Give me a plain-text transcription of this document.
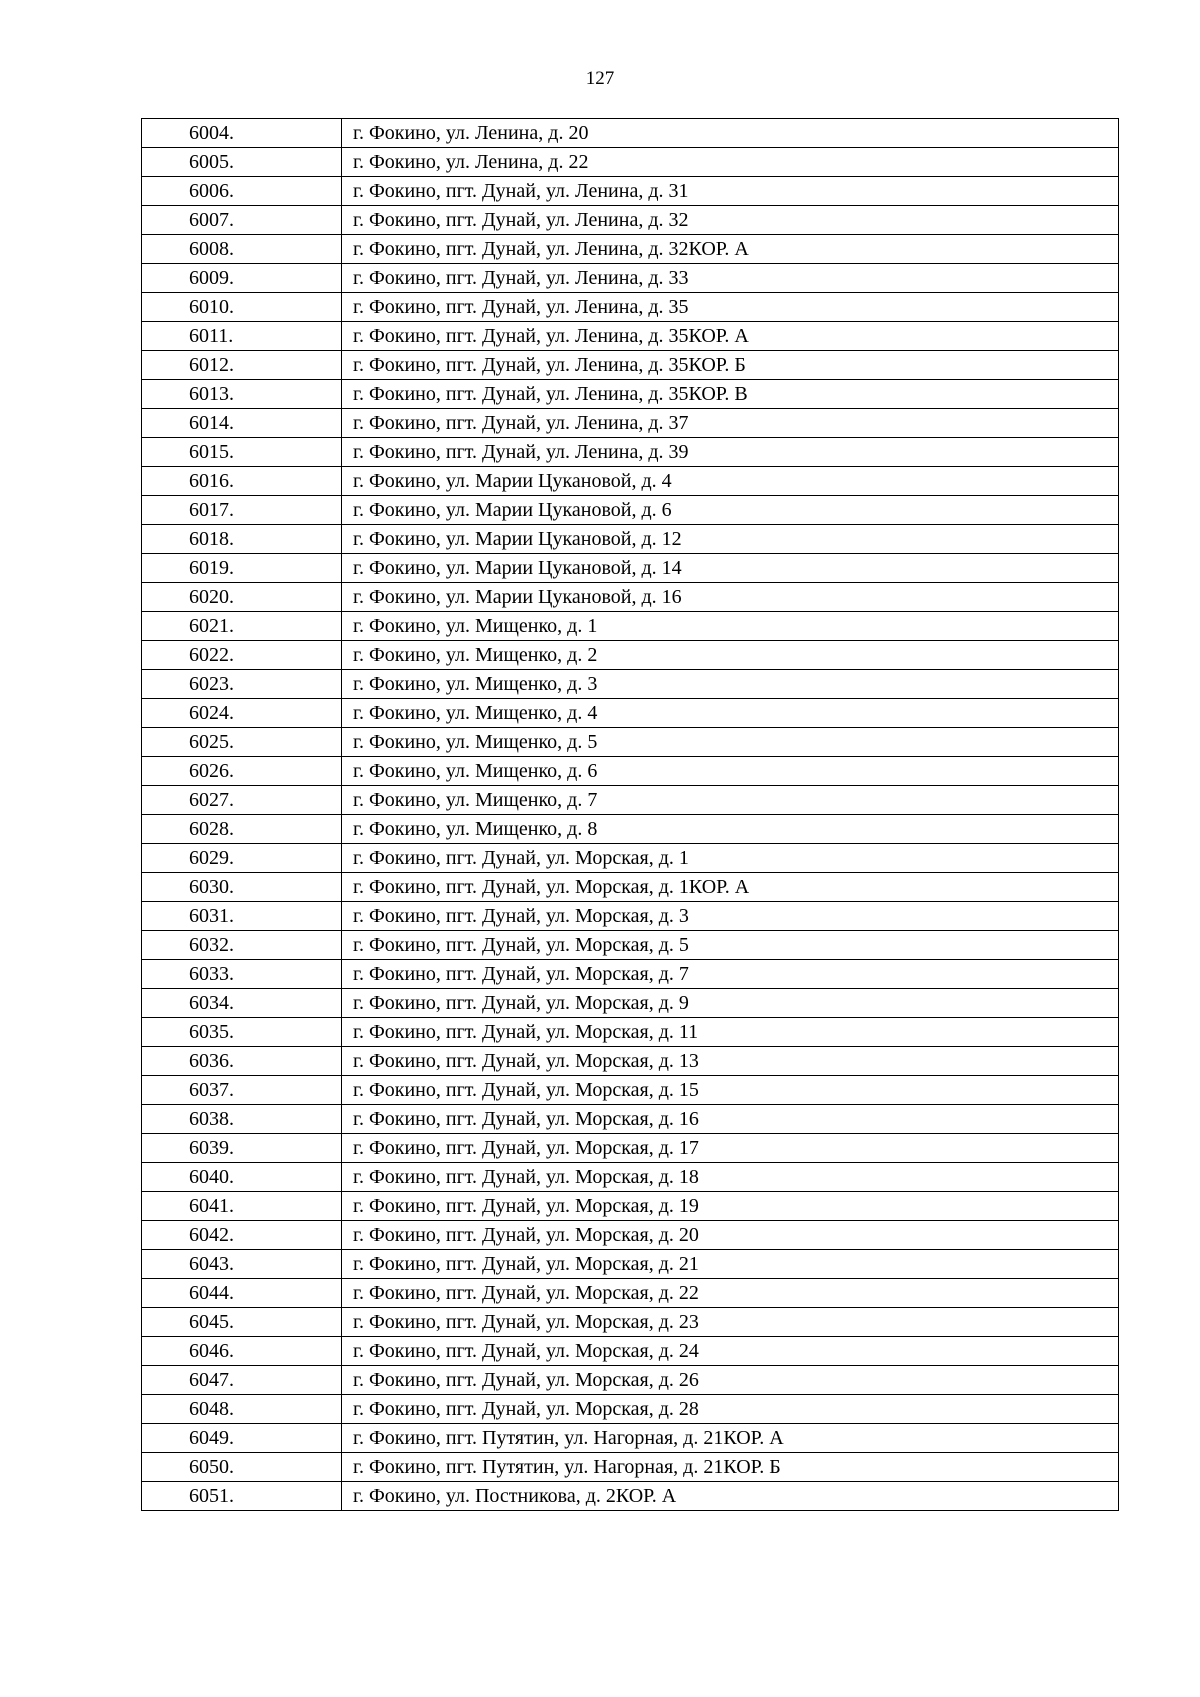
127
6004.	г. Фокино, ул. Ленина, д. 20
6005.	г. Фокино, ул. Ленина, д. 22
6006.	г. Фокино, пгт. Дунай, ул. Ленина, д. 31
6007.	г. Фокино, пгт. Дунай, ул. Ленина, д. 32
6008.	г. Фокино, пгт. Дунай, ул. Ленина, д. 32КОР. А
6009.	г. Фокино, пгт. Дунай, ул. Ленина, д. 33
6010.	г. Фокино, пгт. Дунай, ул. Ленина, д. 35
6011.	г. Фокино, пгт. Дунай, ул. Ленина, д. 35КОР. А
6012.	г. Фокино, пгт. Дунай, ул. Ленина, д. 35КОР. Б
6013.	г. Фокино, пгт. Дунай, ул. Ленина, д. 35КОР. В
6014.	г. Фокино, пгт. Дунай, ул. Ленина, д. 37
6015.	г. Фокино, пгт. Дунай, ул. Ленина, д. 39
6016.	г. Фокино, ул. Марии Цукановой, д. 4
6017.	г. Фокино, ул. Марии Цукановой, д. 6
6018.	г. Фокино, ул. Марии Цукановой, д. 12
6019.	г. Фокино, ул. Марии Цукановой, д. 14
6020.	г. Фокино, ул. Марии Цукановой, д. 16
6021.	г. Фокино, ул. Мищенко, д. 1
6022.	г. Фокино, ул. Мищенко, д. 2
6023.	г. Фокино, ул. Мищенко, д. 3
6024.	г. Фокино, ул. Мищенко, д. 4
6025.	г. Фокино, ул. Мищенко, д. 5
6026.	г. Фокино, ул. Мищенко, д. 6
6027.	г. Фокино, ул. Мищенко, д. 7
6028.	г. Фокино, ул. Мищенко, д. 8
6029.	г. Фокино, пгт. Дунай, ул. Морская, д. 1
6030.	г. Фокино, пгт. Дунай, ул. Морская, д. 1КОР. А
6031.	г. Фокино, пгт. Дунай, ул. Морская, д. 3
6032.	г. Фокино, пгт. Дунай, ул. Морская, д. 5
6033.	г. Фокино, пгт. Дунай, ул. Морская, д. 7
6034.	г. Фокино, пгт. Дунай, ул. Морская, д. 9
6035.	г. Фокино, пгт. Дунай, ул. Морская, д. 11
6036.	г. Фокино, пгт. Дунай, ул. Морская, д. 13
6037.	г. Фокино, пгт. Дунай, ул. Морская, д. 15
6038.	г. Фокино, пгт. Дунай, ул. Морская, д. 16
6039.	г. Фокино, пгт. Дунай, ул. Морская, д. 17
6040.	г. Фокино, пгт. Дунай, ул. Морская, д. 18
6041.	г. Фокино, пгт. Дунай, ул. Морская, д. 19
6042.	г. Фокино, пгт. Дунай, ул. Морская, д. 20
6043.	г. Фокино, пгт. Дунай, ул. Морская, д. 21
6044.	г. Фокино, пгт. Дунай, ул. Морская, д. 22
6045.	г. Фокино, пгт. Дунай, ул. Морская, д. 23
6046.	г. Фокино, пгт. Дунай, ул. Морская, д. 24
6047.	г. Фокино, пгт. Дунай, ул. Морская, д. 26
6048.	г. Фокино, пгт. Дунай, ул. Морская, д. 28
6049.	г. Фокино, пгт. Путятин, ул. Нагорная, д. 21КОР. А
6050.	г. Фокино, пгт. Путятин, ул. Нагорная, д. 21КОР. Б
6051.	г. Фокино, ул. Постникова, д. 2КОР. А
